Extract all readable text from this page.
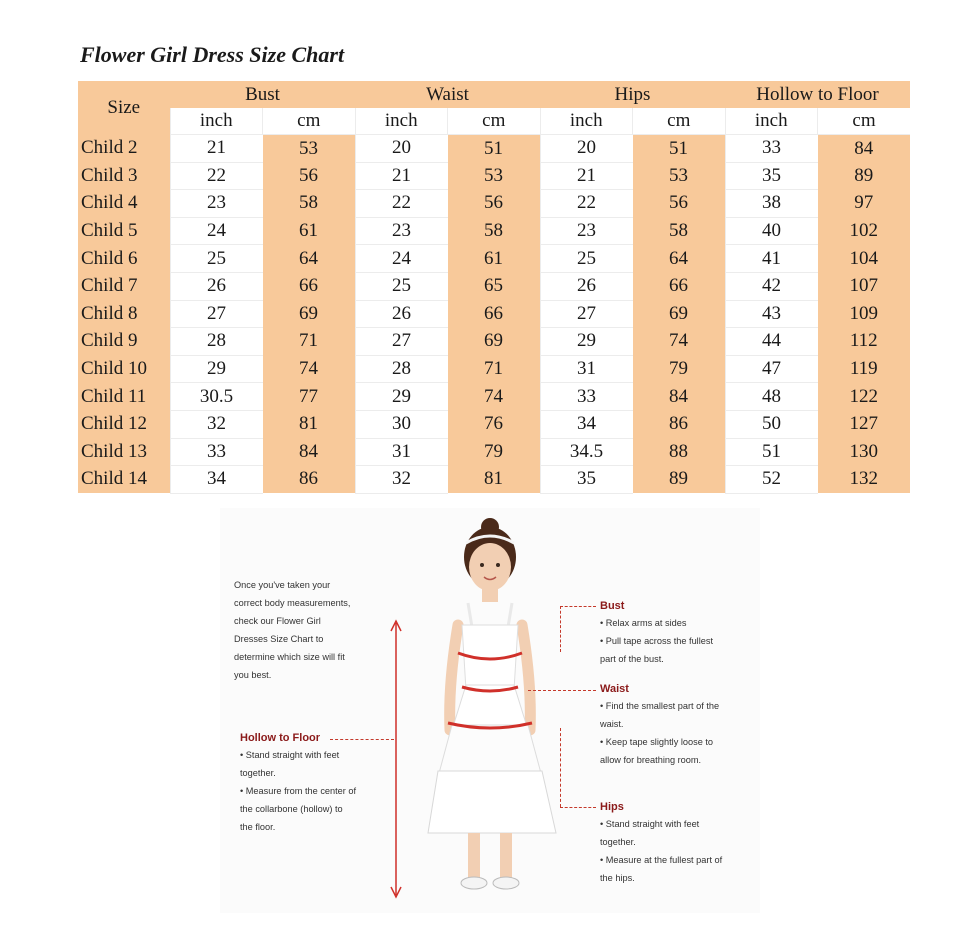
Flower Girl Dress Size Chart
Size	Bust		Waist		Hips		Hollow to Floor	
	inch	cm	inch	cm	inch	cm	inch	cm
Child 2	21	53	20	51	20	51	33	84
Child 3	22	56	21	53	21	53	35	89
Child 4	23	58	22	56	22	56	38	97
Child 5	24	61	23	58	23	58	40	102
Child 6	25	64	24	61	25	64	41	104
Child 7	26	66	25	65	26	66	42	107
Child 8	27	69	26	66	27	69	43	109
Child 9	28	71	27	69	29	74	44	112
Child 10	29	74	28	71	31	79	47	119
Child 11	30.5	77	29	74	33	84	48	122
Child 12	32	81	30	76	34	86	50	127
Child 13	33	84	31	79	34.5	88	51	130
Child 14	34	86	32	81	35	89	52	132
Once you've taken your
correct body measurements,
check our Flower Girl
Dresses Size Chart to
determine which size will fit
you best.
Bust
• Relax arms at sides
• Pull tape across the fullest
part of the bust.
Waist
• Find the smallest part of the
waist.
• Keep tape slightly loose to
allow for breathing room.
Hips
• Stand straight with feet
together.
• Measure at the fullest part of
the hips.
Hollow to Floor
• Stand straight with feet
together.
• Measure from the center of
the collarbone (hollow) to
the floor.
